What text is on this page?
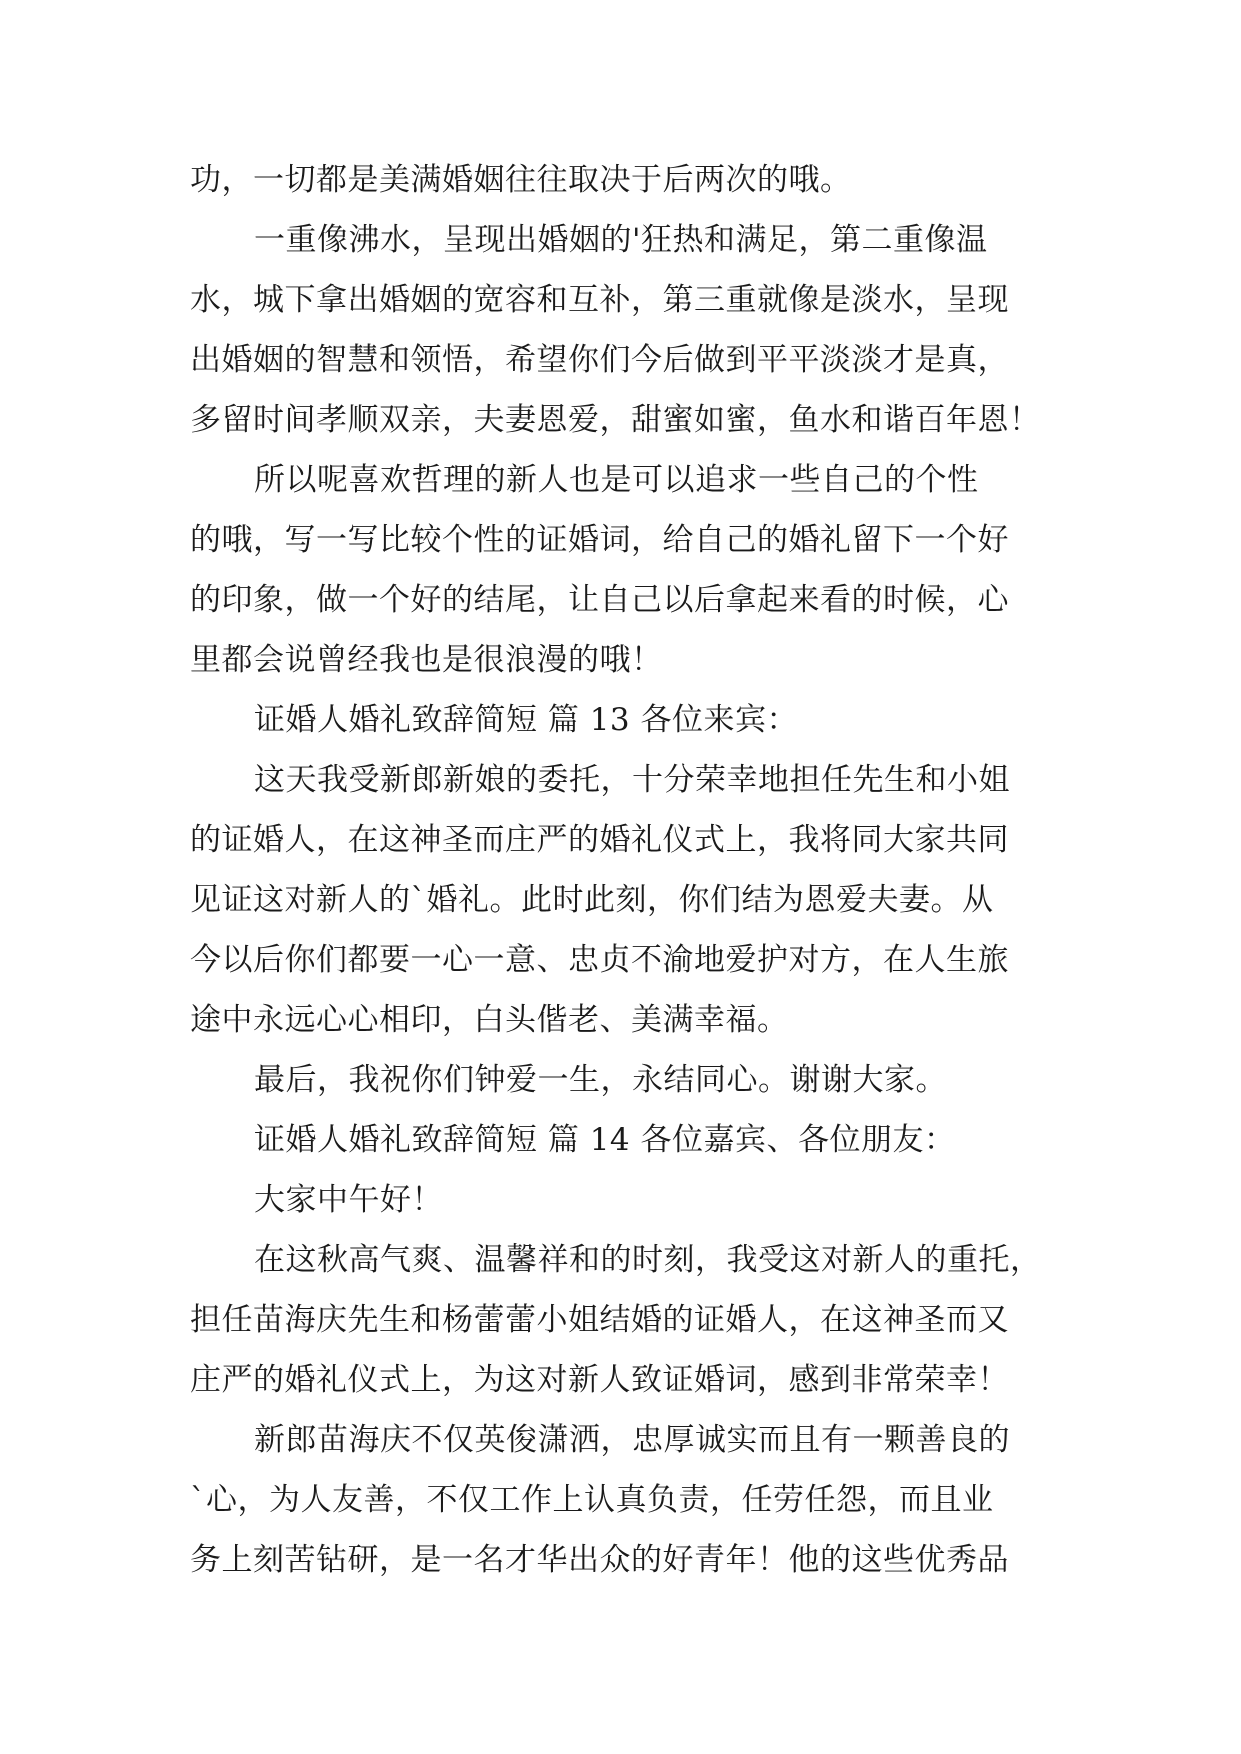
功，一切都是美满婚姻往往取决于后两次的哦。
一重像沸水，呈现出婚姻的'狂热和满足，第二重像温
水，城下拿出婚姻的宽容和互补，第三重就像是淡水，呈现
出婚姻的智慧和领悟，希望你们今后做到平平淡淡才是真，
多留时间孝顺双亲，夫妻恩爱，甜蜜如蜜，鱼水和谐百年恩！
所以呢喜欢哲理的新人也是可以追求一些自己的个性
的哦，写一写比较个性的证婚词，给自己的婚礼留下一个好
的印象，做一个好的结尾，让自己以后拿起来看的时候，心
里都会说曾经我也是很浪漫的哦！
证婚人婚礼致辞简短 篇 13 各位来宾：
这天我受新郎新娘的委托，十分荣幸地担任先生和小姐
的证婚人，在这神圣而庄严的婚礼仪式上，我将同大家共同
见证这对新人的`婚礼。此时此刻，你们结为恩爱夫妻。从
今以后你们都要一心一意、忠贞不渝地爱护对方，在人生旅
途中永远心心相印，白头偕老、美满幸福。
最后，我祝你们钟爱一生，永结同心。谢谢大家。
证婚人婚礼致辞简短 篇 14 各位嘉宾、各位朋友：
大家中午好！
在这秋高气爽、温馨祥和的时刻，我受这对新人的重托，
担任苗海庆先生和杨蕾蕾小姐结婚的证婚人，在这神圣而又
庄严的婚礼仪式上，为这对新人致证婚词，感到非常荣幸！
新郎苗海庆不仅英俊潇洒，忠厚诚实而且有一颗善良的
`心，为人友善，不仅工作上认真负责，任劳任怨，而且业
务上刻苦钻研，是一名才华出众的好青年！他的这些优秀品
